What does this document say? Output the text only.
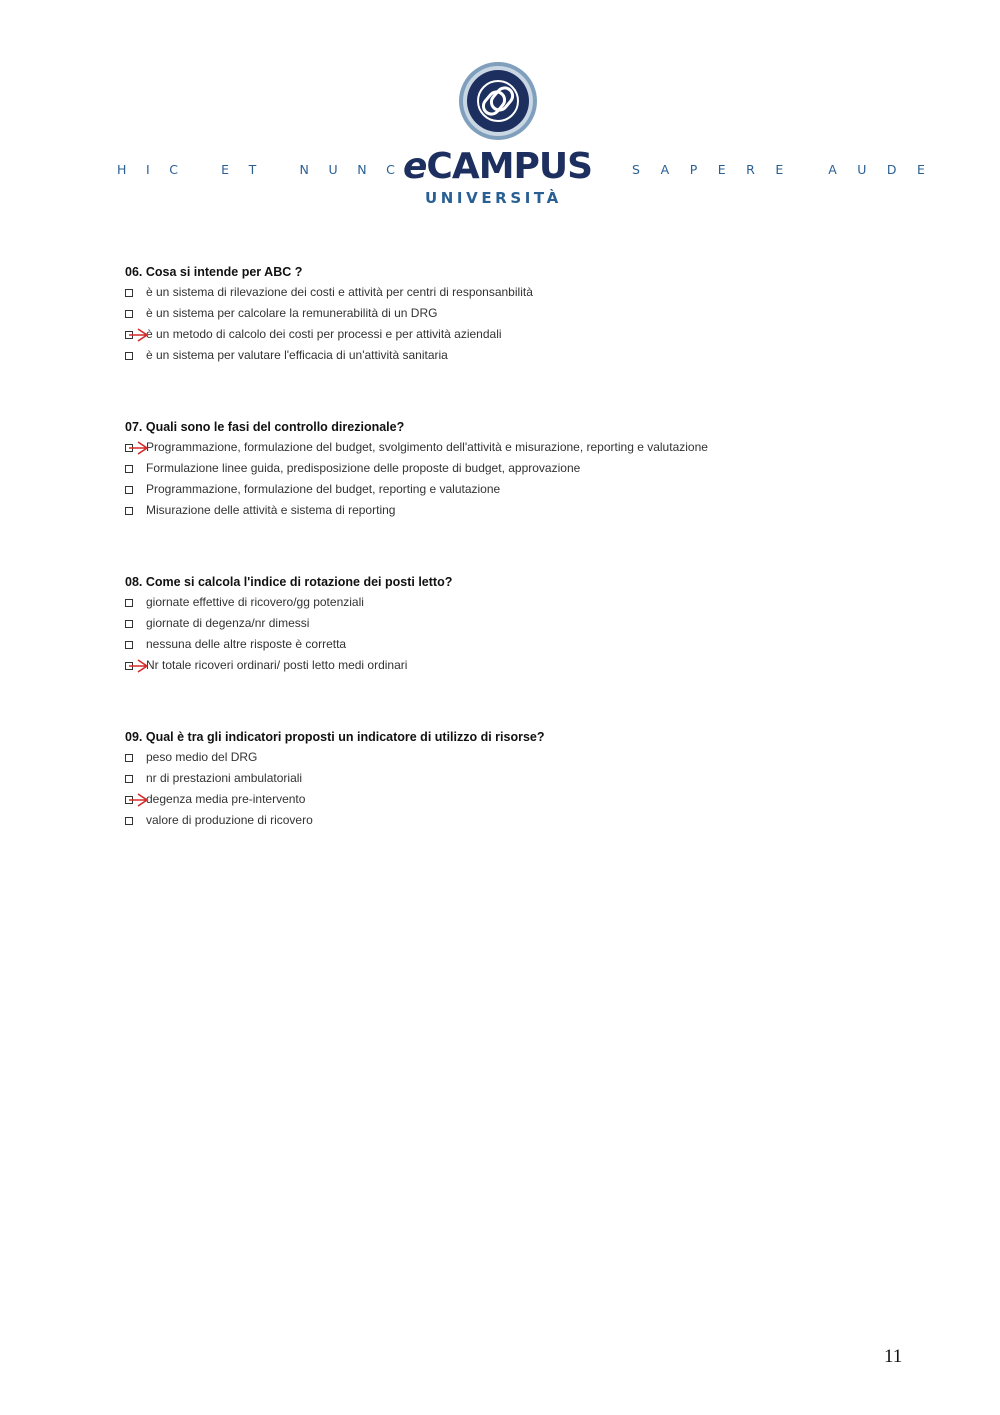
HIC ET NUNC
eCAMPUS
UNIVERSITÀ
SAPERE AUDE
06. Cosa si intende per ABC ?
è un sistema di rilevazione dei costi e attività per centri di responsanbilità
è un sistema per calcolare la remunerabilità di un DRG
è un metodo di calcolo dei costi per processi e per attività aziendali
è un sistema per valutare l'efficacia di un'attività sanitaria
07. Quali sono le fasi del controllo direzionale?
Programmazione, formulazione del budget, svolgimento dell'attività e misurazione, reporting e valutazione
Formulazione linee guida, predisposizione delle proposte di budget, approvazione
Programmazione, formulazione del budget, reporting e valutazione
Misurazione delle attività e sistema di reporting
08. Come si calcola l'indice di rotazione dei posti letto?
giornate effettive di ricovero/gg potenziali
giornate di degenza/nr dimessi
nessuna delle altre risposte è corretta
Nr totale ricoveri ordinari/ posti letto medi ordinari
09. Qual è tra gli indicatori proposti un indicatore di utilizzo di risorse?
peso medio del DRG
nr di prestazioni ambulatoriali
degenza media pre-intervento
valore di produzione di ricovero
11
